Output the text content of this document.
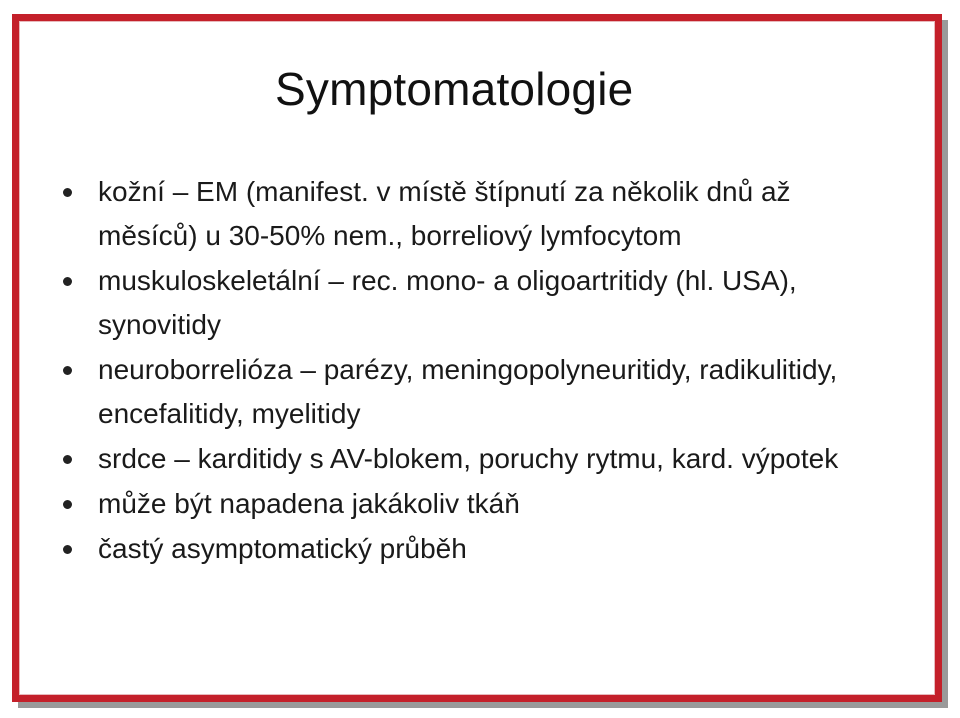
Symptomatologie
kožní – EM (manifest. v místě štípnutí za několik dnů až měsíců) u 30-50% nem., borreliový lymfocytom
muskuloskeletální – rec. mono- a oligoartritidy (hl. USA), synovitidy
neuroborrelióza – parézy, meningopolyneuritidy, radikulitidy, encefalitidy, myelitidy
srdce – karditidy s AV-blokem, poruchy rytmu, kard. výpotek
může být napadena jakákoliv tkáň
častý asymptomatický průběh
